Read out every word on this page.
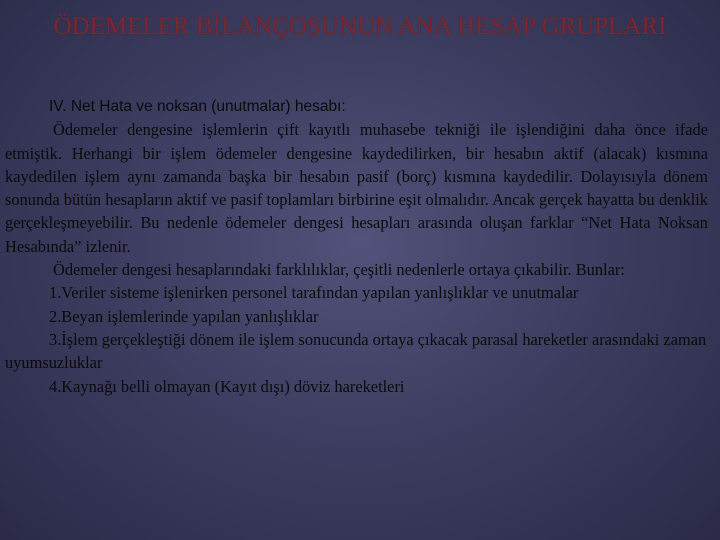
ÖDEMELER BİLANÇOSUNUN ANA HESAP GRUPLARI

IV. Net Hata ve noksan (unutmalar) hesabı:

Ödemeler dengesine işlemlerin çift kayıtlı muhasebe tekniği ile işlendiğini daha önce ifade etmiştik. Herhangi bir işlem ödemeler dengesine kaydedilirken, bir hesabın aktif (alacak) kısmına kaydedilen işlem aynı zamanda başka bir hesabın pasif (borç) kısmına kaydedilir. Dolayısıyla dönem sonunda bütün hesapların aktif ve pasif toplamları birbirine eşit olmalıdır. Ancak gerçek hayatta bu denklik gerçekleşmeyebilir. Bu nedenle ödemeler dengesi hesapları arasında oluşan farklar “Net Hata Noksan Hesabında” izlenir.

Ödemeler dengesi hesaplarındaki farklılıklar, çeşitli nedenlerle ortaya çıkabilir. Bunlar:

1.Veriler sisteme işlenirken personel tarafından yapılan yanlışlıklar ve unutmalar

2.Beyan işlemlerinde yapılan yanlışlıklar

3.İşlem gerçekleştiği dönem ile işlem sonucunda ortaya çıkacak parasal hareketler arasındaki zaman uyumsuzluklar

4.Kaynağı belli olmayan (Kayıt dışı) döviz hareketleri
